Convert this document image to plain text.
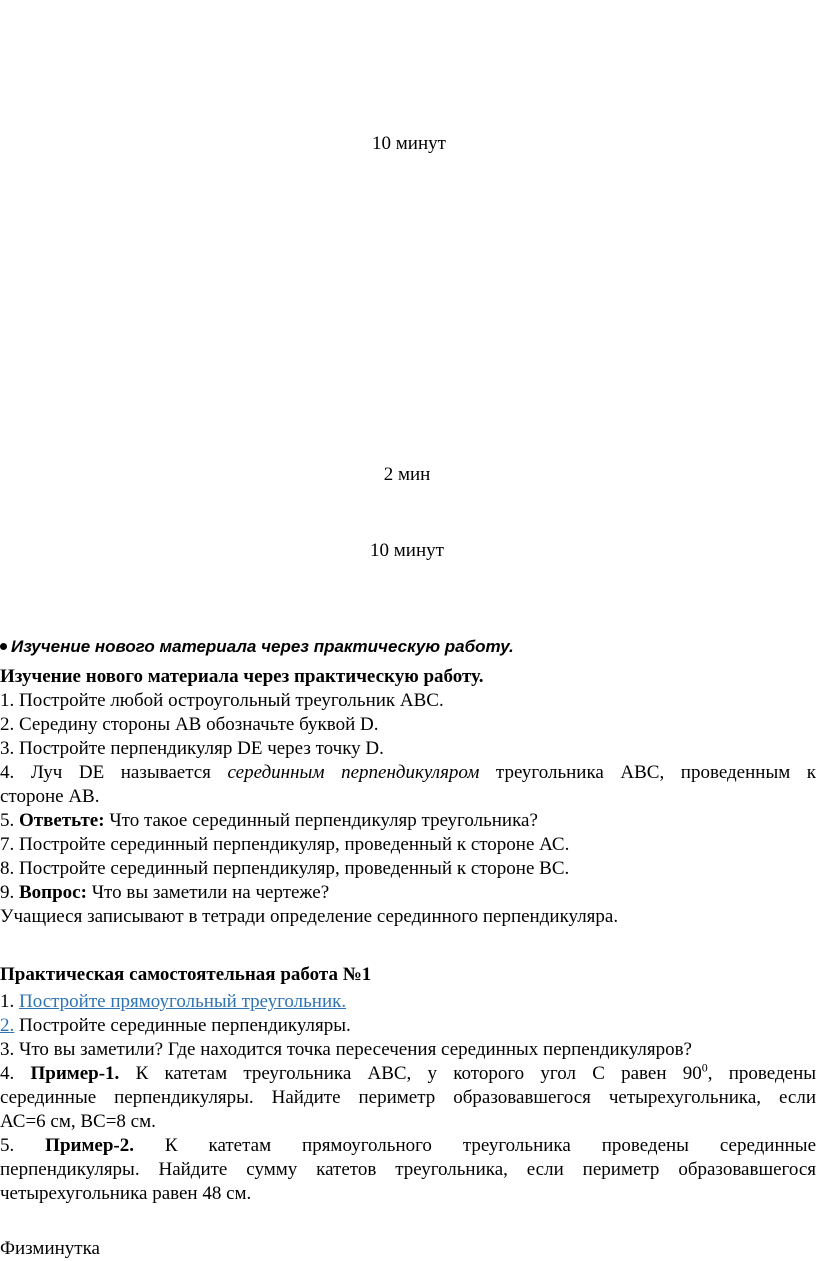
10 минут
2 мин
10 минут
Изучение нового материала через практическую работу.
Изучение нового материала через практическую работу.
1. Постройте любой остроугольный треугольник ABC.
2. Середину стороны АВ обозначьте буквой D.
3. Постройте перпендикуляр DE через точку D.
4. Луч DE называется серединным перпендикуляром треугольника ABC, проведенным к
стороне АВ.
5. Ответьте: Что такое серединный перпендикуляр треугольника?
7. Постройте серединный перпендикуляр, проведенный к стороне АС.
8. Постройте серединный перпендикуляр, проведенный к стороне ВС.
9. Вопрос: Что вы заметили на чертеже?
Учащиеся записывают в тетради определение серединного перпендикуляра.
Практическая самостоятельная работа №1
1. Постройте прямоугольный треугольник.
2. Постройте серединные перпендикуляры.
3. Что вы заметили? Где находится точка пересечения серединных перпендикуляров?
4. Пример-1. К катетам треугольника АВС, у которого угол С равен $90^0$, проведены
серединные перпендикуляры. Найдите периметр образовавшегося четырехугольника, если
АС=6 см, ВС=8 см.
5. Пример-2. К катетам прямоугольного треугольника проведены серединные
перпендикуляры. Найдите сумму катетов треугольника, если периметр образовавшегося
четырехугольника равен 48 см.
Физминутка
